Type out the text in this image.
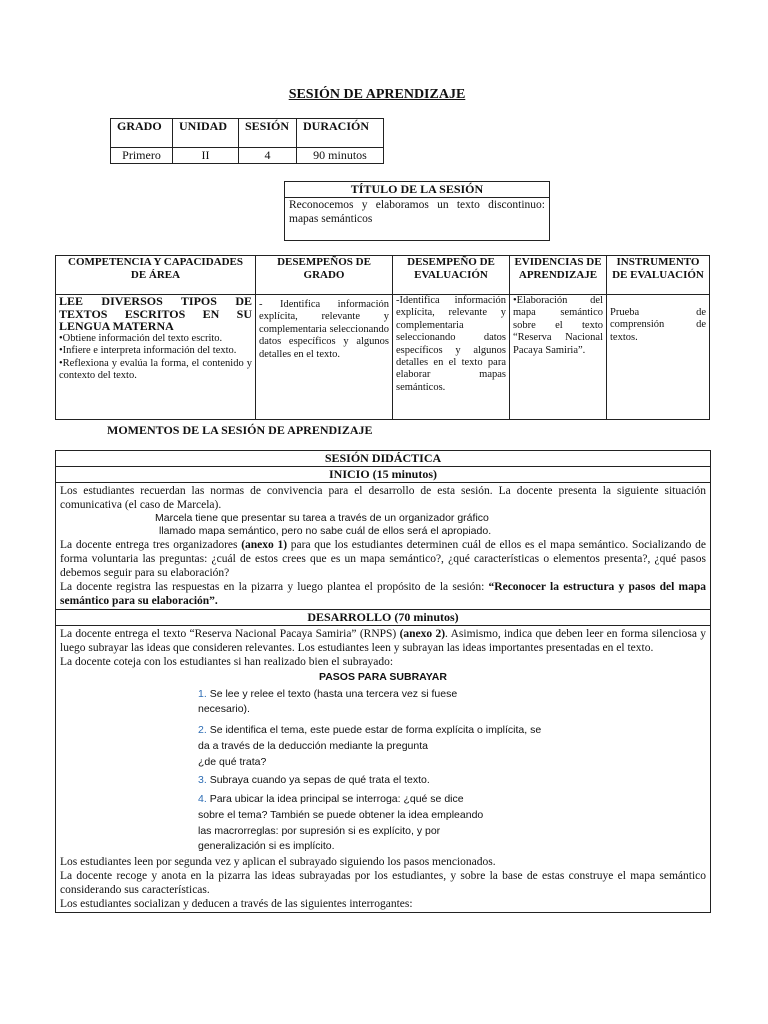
SESIÓN DE APRENDIZAJE
GRADO	UNIDAD	SESIÓN	DURACIÓN
Primero	II	4	90 minutos
TÍTULO DE LA SESIÓN
Reconocemos y elaboramos un texto discontinuo: mapas semánticos
COMPETENCIA Y CAPACIDADES DE ÁREA	DESEMPEÑOS DE GRADO	DESEMPEÑO DE EVALUACIÓN	EVIDENCIAS DE APRENDIZAJE	INSTRUMENTO DE EVALUACIÓN

LEE DIVERSOS TIPOS DE TEXTOS ESCRITOS EN SU LENGUA MATERNA

•Obtiene información del texto escrito.

•Infiere e interpreta información del texto.

•Reflexiona y evalúa la forma, el contenido y contexto del texto.	- Identifica información explícita, relevante y complementaria seleccionando datos específicos y algunos detalles en el texto.	-Identifica información explícita, relevante y complementaria seleccionando datos específicos y algunos detalles en el texto para elaborar mapas semánticos.	•Elaboración del mapa semántico sobre el texto “Reserva Nacional Pacaya Samiria”.	Prueba de comprensión de textos.
MOMENTOS DE LA SESIÓN DE APRENDIZAJE
SESIÓN DIDÁCTICA
INICIO (15 minutos)

Los estudiantes recuerdan las normas de convivencia para el desarrollo de esta sesión. La docente presenta la siguiente situación comunicativa (el caso de Marcela).

Marcela tiene que presentar su tarea a través de un organizador gráfico

llamado mapa semántico, pero no sabe cuál de ellos será el apropiado.

La docente entrega tres organizadores (anexo 1) para que los estudiantes determinen cuál de ellos es el mapa semántico. Socializando de forma voluntaria las preguntas: ¿cuál de estos crees que es un mapa semántico?, ¿qué características o elementos presenta?, ¿qué pasos debemos seguir para su elaboración?

La docente registra las respuestas en la pizarra y luego plantea el propósito de la sesión: “Reconocer la estructura y pasos del mapa semántico para su elaboración”.

DESARROLLO (70 minutos)

La docente entrega el texto “Reserva Nacional Pacaya Samiria” (RNPS) (anexo 2). Asimismo, indica que deben leer en forma silenciosa y luego subrayar las ideas que consideren relevantes. Los estudiantes leen y subrayan las ideas importantes presentadas en el texto.

La docente coteja con los estudiantes si han realizado bien el subrayado:

PASOS PARA SUBRAYAR

1. Se lee y relee el texto (hasta una tercera vez si fuese
necesario).
2. Se identifica el tema, este puede estar de forma explícita o implícita, se
da a través de la deducción mediante la pregunta
¿de qué trata?
3. Subraya cuando ya sepas de qué trata el texto.
4. Para ubicar la idea principal se interroga: ¿qué se dice
sobre el tema? También se puede obtener la idea empleando
las macrorreglas: por supresión si es explícito, y por
generalización si es implícito.

Los estudiantes leen por segunda vez y aplican el subrayado siguiendo los pasos mencionados.

La docente recoge y anota en la pizarra las ideas subrayadas por los estudiantes, y sobre la base de estas construye el mapa semántico considerando sus características.

Los estudiantes socializan y deducen a través de las siguientes interrogantes:
